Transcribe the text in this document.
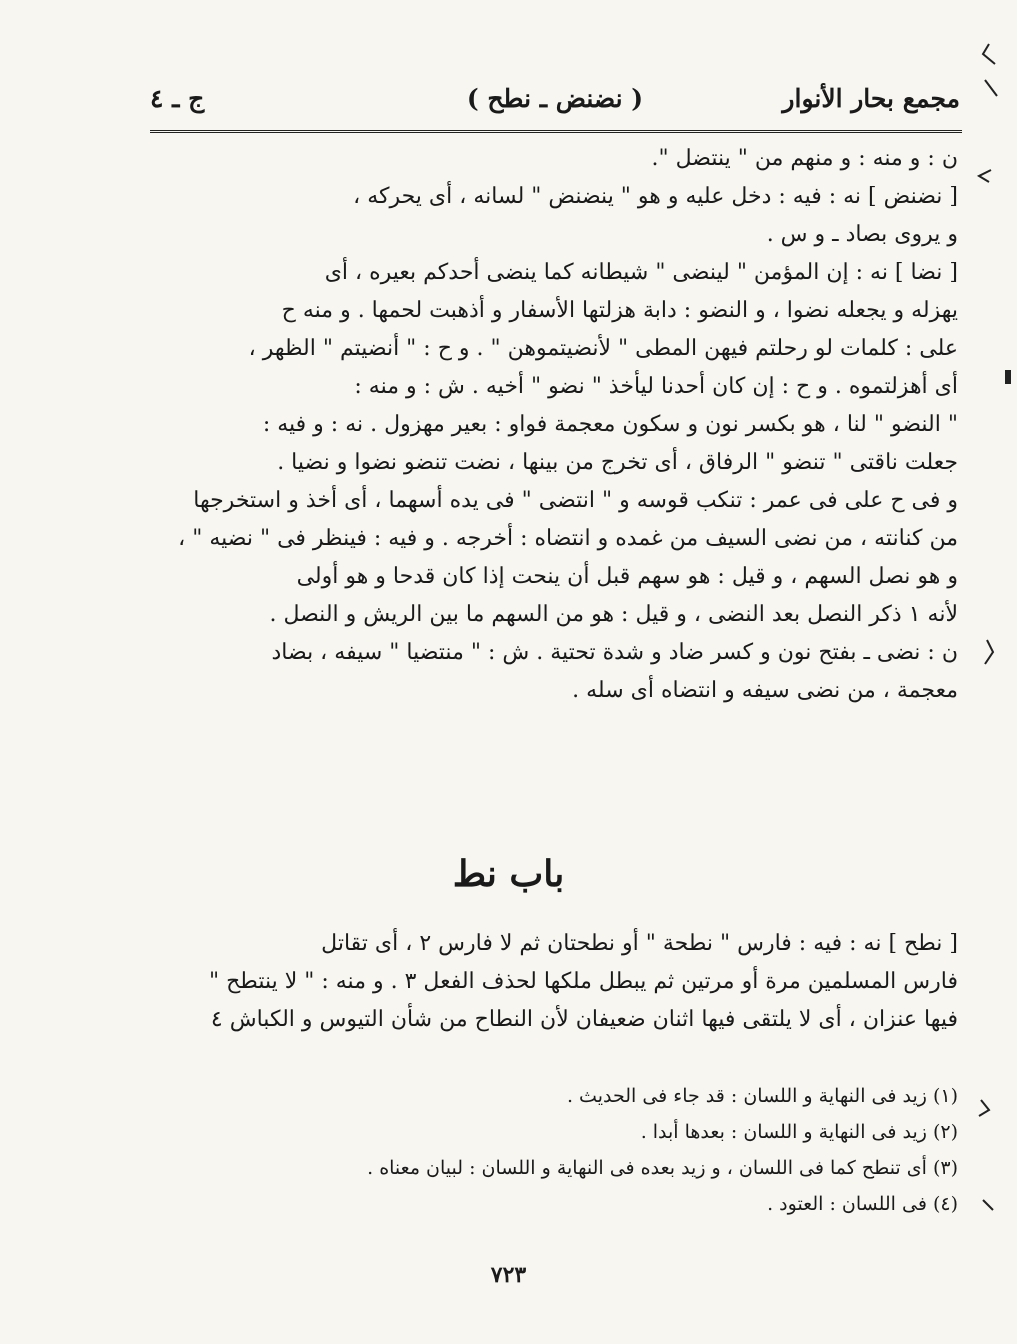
مجمع بحار الأنوار
( نضنض ـ نطح )
ج ـ ٤
ن : و منه : و منهم من " ينتضل ".
[ نضنض ] نه : فيه : دخل عليه و هو " ينضنض " لسانه ، أى يحركه ،
و يروى بصاد ـ و س .
[ نضا ] نه : إن المؤمن " لينضى " شيطانه كما ينضى أحدكم بعيره ، أى
يهزله و يجعله نضوا ، و النضو : دابة هزلتها الأسفار و أذهبت لحمها . و منه ح
على : كلمات لو رحلتم فيهن المطى " لأنضيتموهن " . و ح : " أنضيتم " الظهر ،
أى أهزلتموه . و ح : إن كان أحدنا ليأخذ " نضو " أخيه . ش : و منه :
" النضو " لنا ، هو بكسر نون و سكون معجمة فواو : بعير مهزول . نه : و فيه :
جعلت ناقتى " تنضو " الرفاق ، أى تخرج من بينها ، نضت تنضو نضوا و نضيا .
و فى ح على فى عمر : تنكب قوسه و " انتضى " فى يده أسهما ، أى أخذ و استخرجها
من كنانته ، من نضى السيف من غمده و انتضاه : أخرجه . و فيه : فينظر فى " نضيه " ،
و هو نصل السهم ، و قيل : هو سهم قبل أن ينحت إذا كان قدحا و هو أولى
لأنه ١ ذكر النصل بعد النضى ، و قيل : هو من السهم ما بين الريش و النصل .
ن : نضى ـ بفتح نون و كسر ضاد و شدة تحتية . ش : " منتضيا " سيفه ، بضاد
معجمة ، من نضى سيفه و انتضاه أى سله .
باب نط
[ نطح ] نه : فيه : فارس " نطحة " أو نطحتان ثم لا فارس ٢ ، أى تقاتل
فارس المسلمين مرة أو مرتين ثم يبطل ملكها لحذف الفعل ٣ . و منه : " لا ينتطح "
فيها عنزان ، أى لا يلتقى فيها اثنان ضعيفان لأن النطاح من شأن التيوس و الكباش ٤
(١) زيد فى النهاية و اللسان : قد جاء فى الحديث .
(٢) زيد فى النهاية و اللسان : بعدها أبدا .
(٣) أى تنطح كما فى اللسان ، و زيد بعده فى النهاية و اللسان : لبيان معناه .
(٤) فى اللسان : العتود .
٧٢٣
